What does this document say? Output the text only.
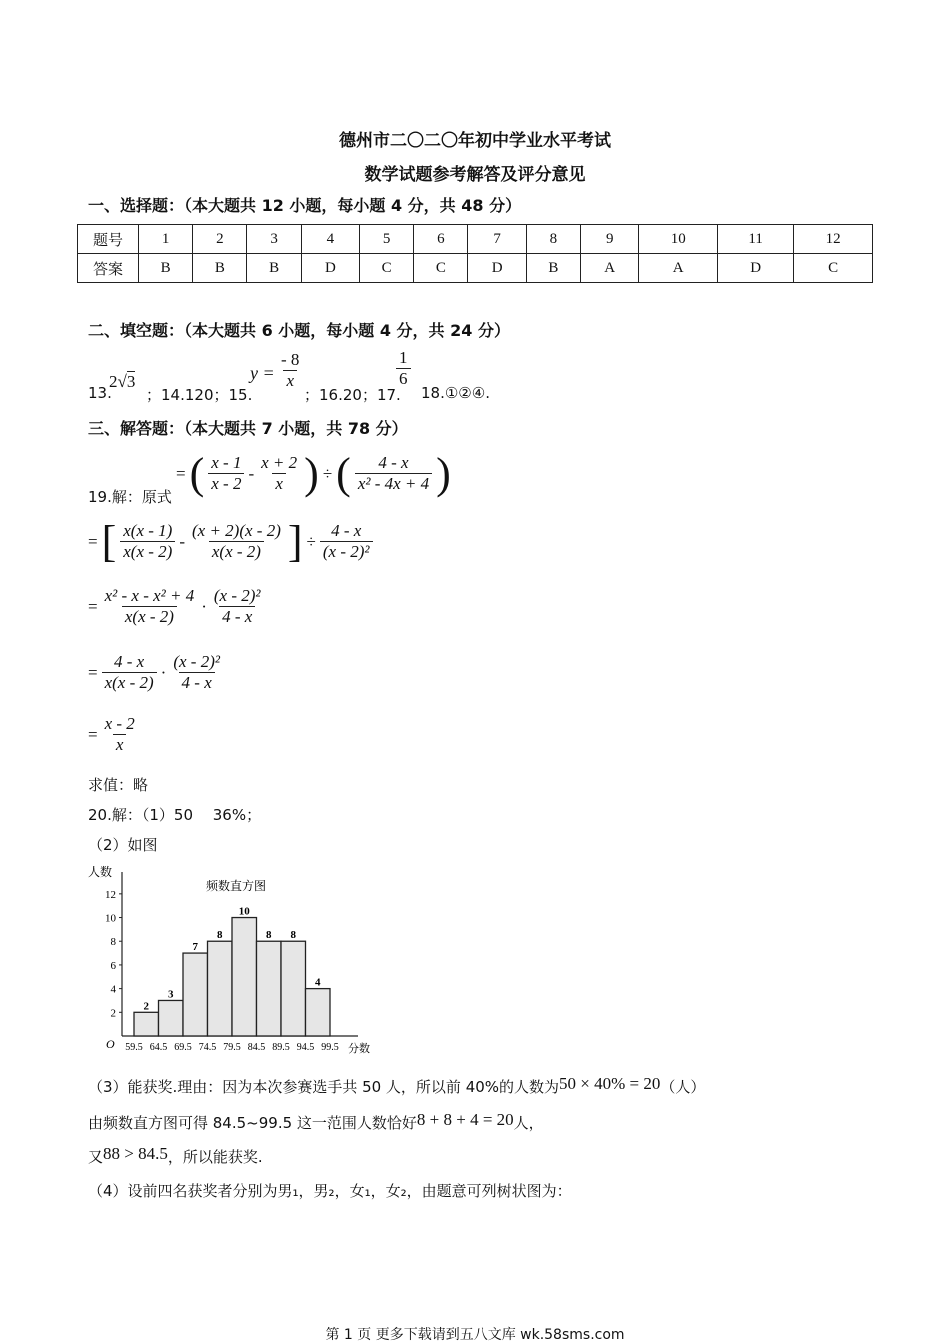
德州市二〇二〇年初中学业水平考试
数学试题参考解答及评分意见
一、选择题：（本大题共 12 小题，每小题 4 分，共 48 分）
题号	1	2	3	4	5	6	7	8	9	10	11	12
答案	B	B	B	D	C	C	D	B	A	A	D	C
二、填空题：（本大题共 6 小题，每小题 4 分，共 24 分）
13.
2√3
；14.120；15.
$y = \frac{- 8}{x}$
；16.20；17.
$\frac{1}{6}$
18.①②④.
三、解答题：（本大题共 7 小题，共 78 分）
19.解：原式
= ( $\frac{x - 1}{x - 2} - \frac{x + 2}{x}$ ) ÷ ( $\frac{4 - x}{\text{x² - 4x + 4}}$ )
= [ $\frac{x(x - 1)}{x(x - 2)} - \frac{(x + 2)(x - 2)}{x(x - 2)}$ ] ÷ $\frac{4 - x}{\text{(x - 2)²}}$
= $\frac{\text{x² - x - x² + 4}}{x(x - 2)} \cdot \frac{\text{(x - 2)²}}{4 - x}$
= $\frac{4 - x}{x(x - 2)} \cdot \frac{\text{(x - 2)²}}{4 - x}$
= $\frac{x - 2}{x}$
求值：略
20.解：（1）50　 36%；
（2）如图
频数直方图
人数
分数
O
2
4
6
8
10
12
59.5 64.5 69.5 74.5 79.5 84.5 89.5 94.5 99.5
2
3
7
8
10
8 8
4
（3）能获奖.理由：因为本次参赛选手共 50 人，所以前 40%的人数为50 × 40% = 20（人）
由频数直方图可得 84.5~99.5 这一范围人数恰好8 + 8 + 4 = 20人，
又88 > 84.5，所以能获奖.
（4）设前四名获奖者分别为男₁，男₂，女₁，女₂，由题意可列树状图为：
第 1 页 更多下载请到五八文库 wk.58sms.com
